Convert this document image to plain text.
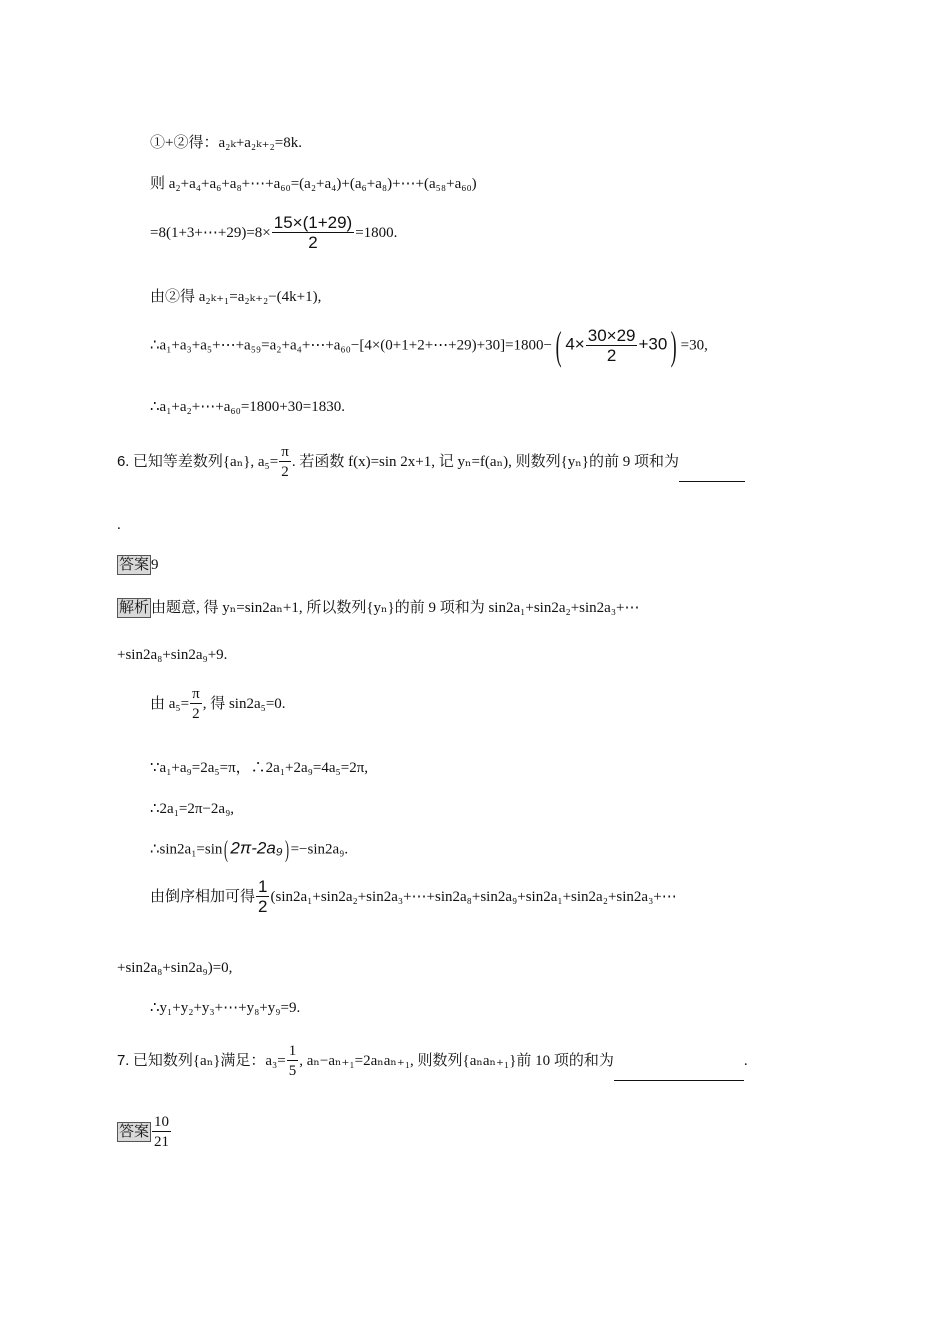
①+②得：a₂ₖ+a₂ₖ₊₂=8k.
则 a₂+a₄+a₆+a₈+⋯+a₆₀=(a₂+a₄)+(a₆+a₈)+⋯+(a₅₈+a₆₀)
=8(1+3+⋯+29)=8× $\frac{15\times(1+29)}{2} =1800$.
由②得 a₂ₖ₊₁=a₂ₖ₊₂−(4k+1),
∴a₁+a₃+a₅+⋯+a₅₉=a₂+a₄+⋯+a₆₀−[4×(0+1+2+⋯+29)+30]=1800−( $4\times \frac{30\times 29}{2} +30) =30$,
∴a₁+a₂+⋯+a₆₀=1800+30=1830.
6. 已知等差数列{aₙ}, $a_5= \frac{\pi}{2}$ . 若函数 f(x)=sin 2x+1, 记 yₙ=f(aₙ), 则数列{yₙ}的前 9 项和为
.
答案 9
解析 由题意, 得 yₙ=sin2aₙ+1, 所以数列{yₙ}的前 9 项和为 sin2a₁+sin2a₂+sin2a₃+⋯
+sin2a₈+sin2a₉+9.
由 $a_5= \frac{\pi}{2}$ , 得 sin2a₅=0.
∵a₁+a₉=2a₅=π，∴2a₁+2a₉=4a₅=2π,
∴2a₁=2π−2a₉,
∴sin2a₁=sin( 2π-2a₉) =−sin2a₉.
由倒序相加可得 $\frac{1}{2}$ (sin2a₁+sin2a₂+sin2a₃+⋯+sin2a₈+sin2a₉+sin2a₁+sin2a₂+sin2a₃+⋯
+sin2a₈+sin2a₉)=0,
∴y₁+y₂+y₃+⋯+y₈+y₉=9.
7. 已知数列{aₙ}满足：$a_3= \frac{1}{5}$ , aₙ−aₙ₊₁=2aₙaₙ₊₁, 则数列{aₙaₙ₊₁}前 10 项的和为	.
答案 $\frac{10}{21}$
